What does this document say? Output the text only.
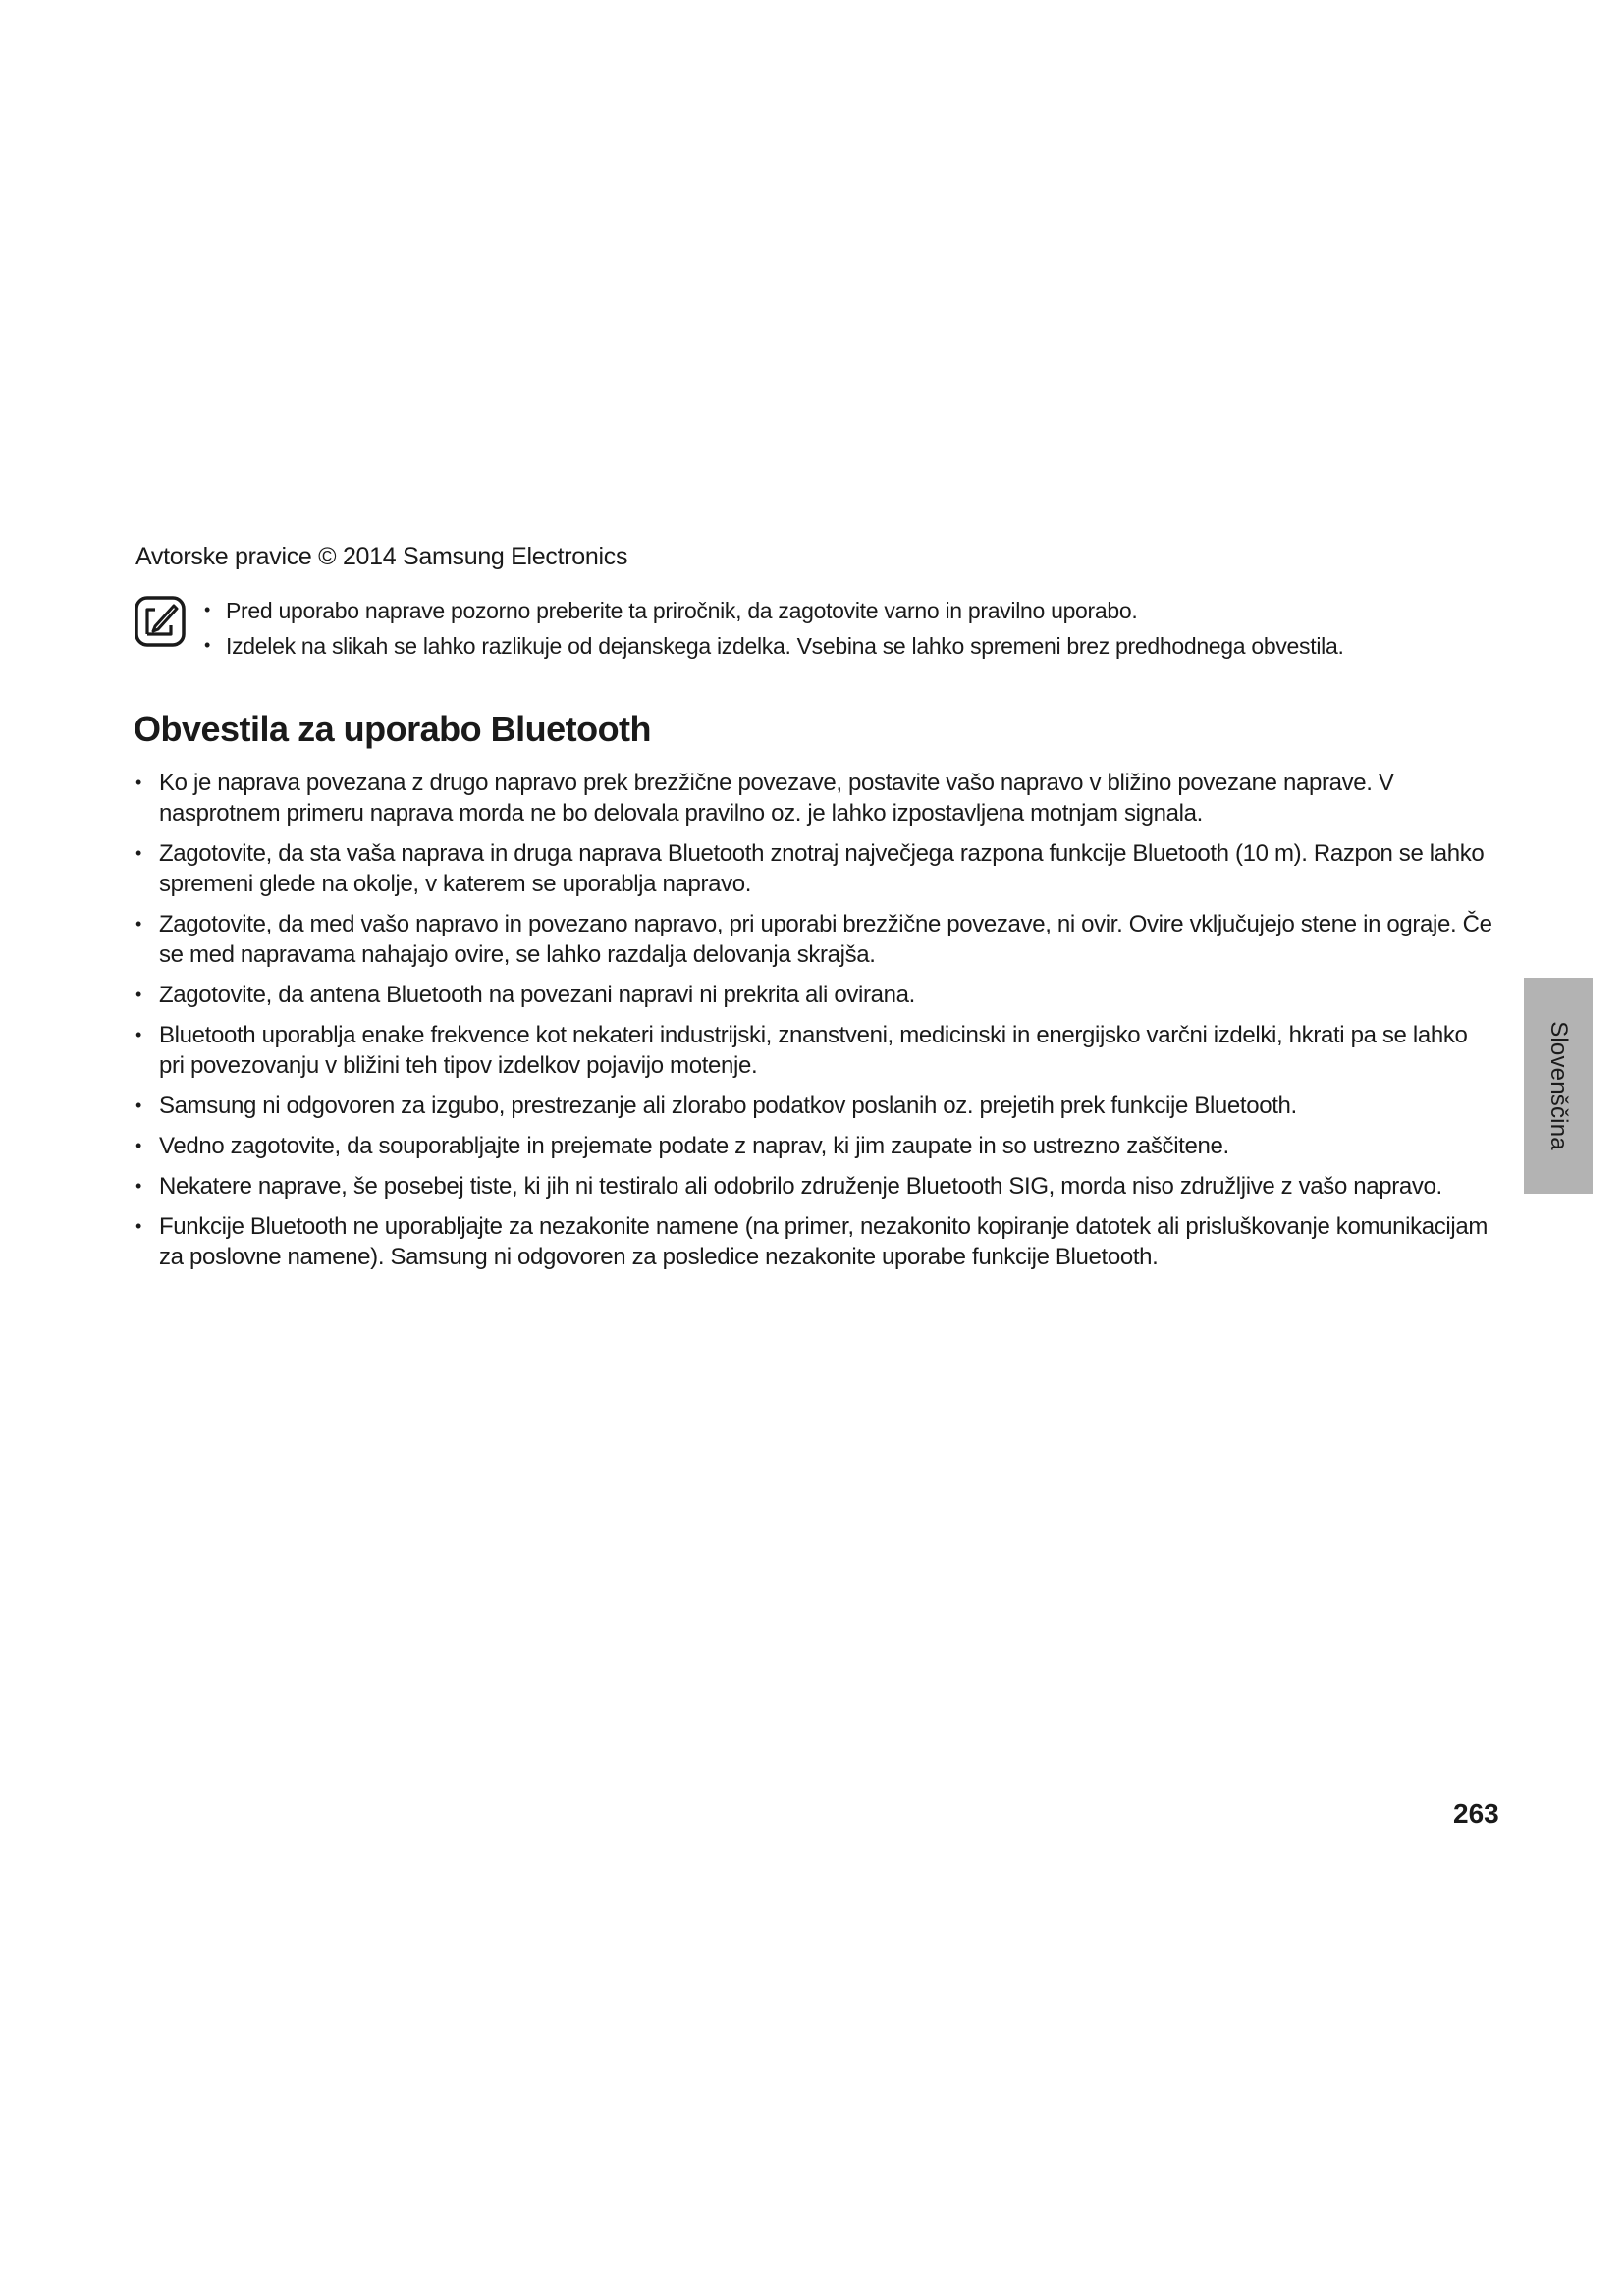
Avtorske pravice © 2014 Samsung Electronics
• Pred uporabo naprave pozorno preberite ta priročnik, da zagotovite varno in pravilno uporabo.
• Izdelek na slikah se lahko razlikuje od dejanskega izdelka. Vsebina se lahko spremeni brez predhodnega obvestila.
Obvestila za uporabo Bluetooth
• Ko je naprava povezana z drugo napravo prek brezžične povezave, postavite vašo napravo v bližino povezane naprave. V nasprotnem primeru naprava morda ne bo delovala pravilno oz. je lahko izpostavljena motnjam signala.
• Zagotovite, da sta vaša naprava in druga naprava Bluetooth znotraj največjega razpona funkcije Bluetooth (10 m). Razpon se lahko spremeni glede na okolje, v katerem se uporablja napravo.
• Zagotovite, da med vašo napravo in povezano napravo, pri uporabi brezžične povezave, ni ovir. Ovire vključujejo stene in ograje. Če se med napravama nahajajo ovire, se lahko razdalja delovanja skrajša.
• Zagotovite, da antena Bluetooth na povezani napravi ni prekrita ali ovirana.
• Bluetooth uporablja enake frekvence kot nekateri industrijski, znanstveni, medicinski in energijsko varčni izdelki, hkrati pa se lahko pri povezovanju v bližini teh tipov izdelkov pojavijo motenje.
• Samsung ni odgovoren za izgubo, prestrezanje ali zlorabo podatkov poslanih oz. prejetih prek funkcije Bluetooth.
• Vedno zagotovite, da souporabljajte in prejemate podate z naprav, ki jim zaupate in so ustrezno zaščitene.
• Nekatere naprave, še posebej tiste, ki jih ni testiralo ali odobrilo združenje Bluetooth SIG, morda niso združljive z vašo napravo.
• Funkcije Bluetooth ne uporabljajte za nezakonite namene (na primer, nezakonito kopiranje datotek ali prisluškovanje komunikacijam za poslovne namene). Samsung ni odgovoren za posledice nezakonite uporabe funkcije Bluetooth.
Slovenščina
263
